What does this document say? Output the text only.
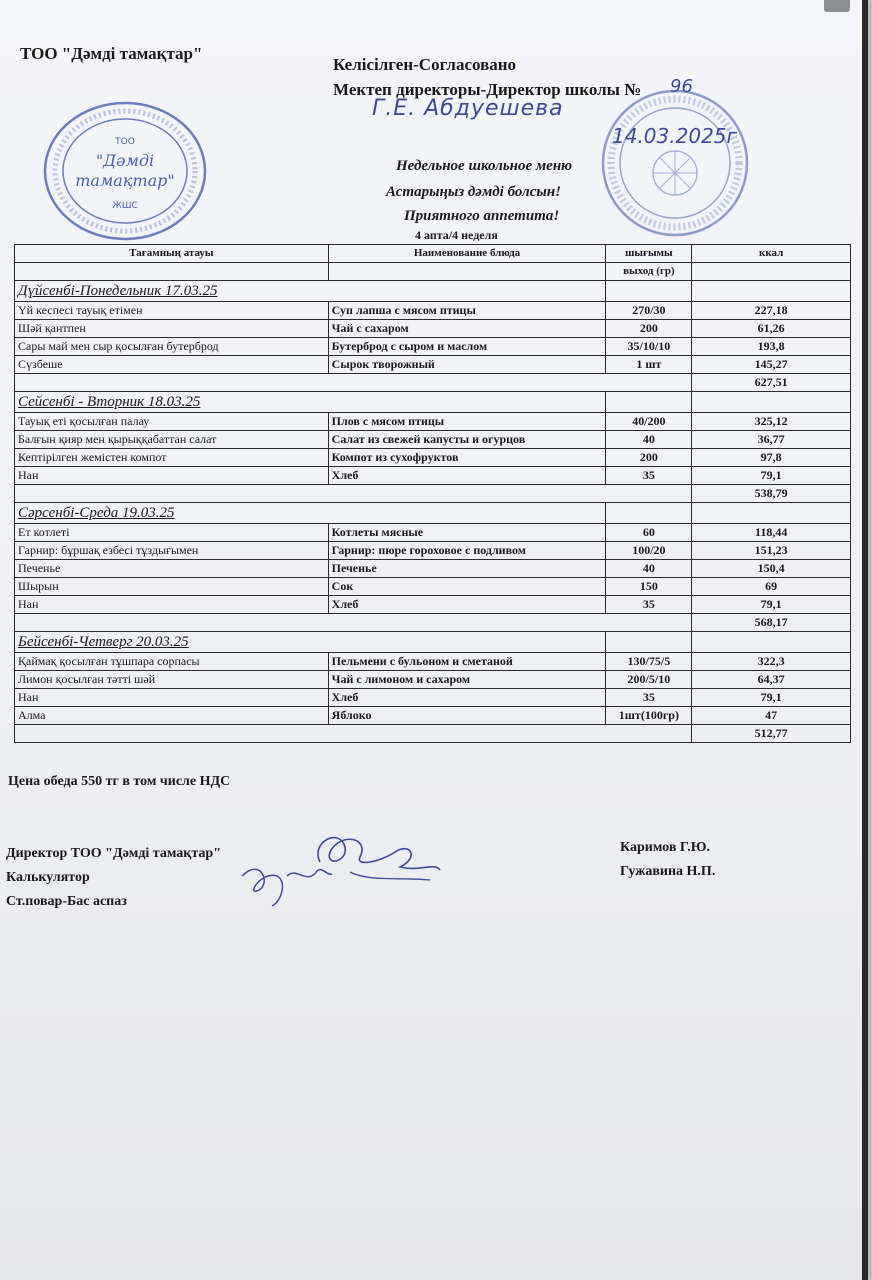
ТОО "Дәмді тамақтар"
Келісілген-Согласовано
Мектеп директоры-Директор школы № 96
Г.Е. Абдуешева
ТОО
"Дәмді
тамақтар"
ЖШС
14.03.2025г
Недельное школьное меню
Астарыңыз дәмді болсын!
Приятного аппетита!
4 апта/4 неделя
Тағамның атауы	Наименование блюда	шығымы	ккал
		выход (гр)	
Дүйсенбі-Понедельник 17.03.25			
Үй кеспесі тауық етімен	Суп лапша с мясом птицы	270/30	227,18
Шәй қантпен	Чай с сахаром	200	61,26
Сары май мен сыр қосылған бутерброд	Бутерброд с сыром и маслом	35/10/10	193,8
Сүзбеше	Сырок творожный	1 шт	145,27
			627,51
Сейсенбі - Вторник 18.03.25			
Тауық еті қосылған палау	Плов с мясом птицы	40/200	325,12
Балғын қияр мен қырыққабаттан салат	Салат из свежей капусты и огурцов	40	36,77
Кептірілген жемістен компот	Компот из сухофруктов	200	97,8
Нан	Хлеб	35	79,1
			538,79
Сәрсенбі-Среда 19.03.25			
Ет котлеті	Котлеты мясные	60	118,44
Гарнир: бұршақ езбесі тұздығымен	Гарнир: пюре гороховое с подливом	100/20	151,23
Печенье	Печенье	40	150,4
Шырын	Сок	150	69
Нан	Хлеб	35	79,1
			568,17
Бейсенбі-Четверг 20.03.25			
Қаймақ қосылған тұшпара сорпасы	Пельмени с бульоном и сметаной	130/75/5	322,3
Лимон қосылған тәтті шәй	Чай с лимоном и сахаром	200/5/10	64,37
Нан	Хлеб	35	79,1
Алма	Яблоко	1шт(100гр)	47
			512,77
Цена обеда 550 тг в том числе НДС
Директор ТОО "Дәмді тамақтар"
Калькулятор
Ст.повар-Бас аспаз
Каримов Г.Ю.
Гужавина Н.П.
